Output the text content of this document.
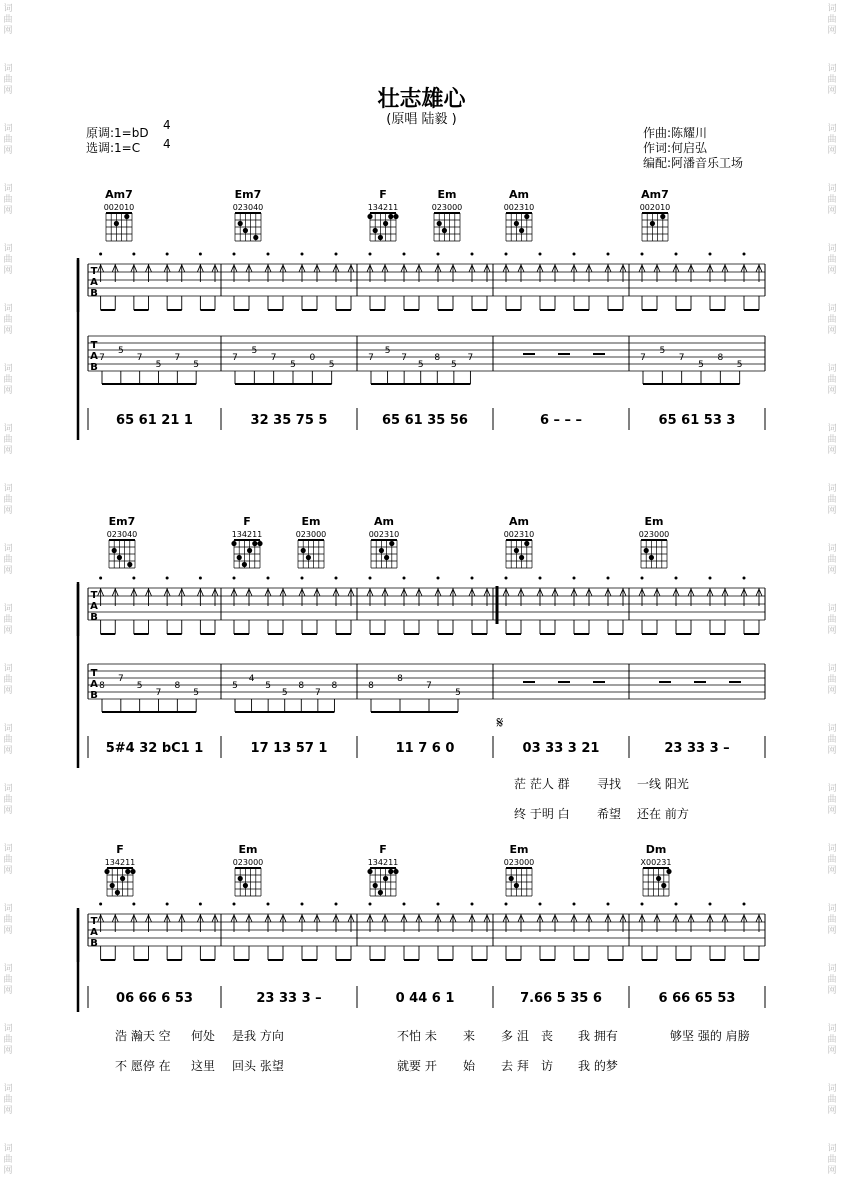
词
曲
网
词
曲
网
词
曲
网
词
曲
网
词
曲
网
词
曲
网
词
曲
网
词
曲
网
词
曲
网
词
曲
网
词
曲
网
词
曲
网
词
曲
网
词
曲
网
词
曲
网
词
曲
网
词
曲
网
词
曲
网
词
曲
网
词
曲
网
词
曲
网
词
曲
网
词
曲
网
词
曲
网
词
曲
网
词
曲
网
词
曲
网
词
曲
网
词
曲
网
词
曲
网
词
曲
网
词
曲
网
词
曲
网
词
曲
网
词
曲
网
词
曲
网
词
曲
网
词
曲
网
词
曲
网
词
曲
网
壮志雄心
(原唱 陆毅 )
原调:1=bD
选调:1=C
4
4
作曲:陈耀川
作词:何启弘
编配:阿潘音乐工场
Am7
002010
Em7
023040
F
134211
Em
023000
Am
002310
Am7
002010
T
A
B
T
A
B
7
5
7
5
7
5
7
5
7
5
0
5
7
5
7
5
8
5
7	7
5
7
5
8
5
65 61 21 1	32 35 75 5	65 61 35 56	6 – – –	65 61 53 3
Em7
023040
F
134211
Em
023000
Am
002310
Am
002310
Em
023000
T
A
B
T
A
B
8
7
5
7
8
5
5
4
5
5
8
7
8	8
8
7
5
5#4 32 bC1 1	17 13 57 1	11 7 6 0	03 33 3 21	23 33 3 –
𝄋
F
134211
Em
023000
F
134211
Em
023000
Dm
X00231
T
A
B
06 66 6 53	23 33 3 –	0 44 6 1	7.66 5 35 6	6 66 65 53
茫 茫人 群 寻找 一线 阳光
终 于明 白 希望 还在 前方
浩 瀚天 空 何处 是我 方向	不怕 未 来 多 沮 丧 我 拥有	够坚 强的 肩膀
不 愿停 在 这里 回头 张望	就要 开 始 去 拜 访 我 的梦
